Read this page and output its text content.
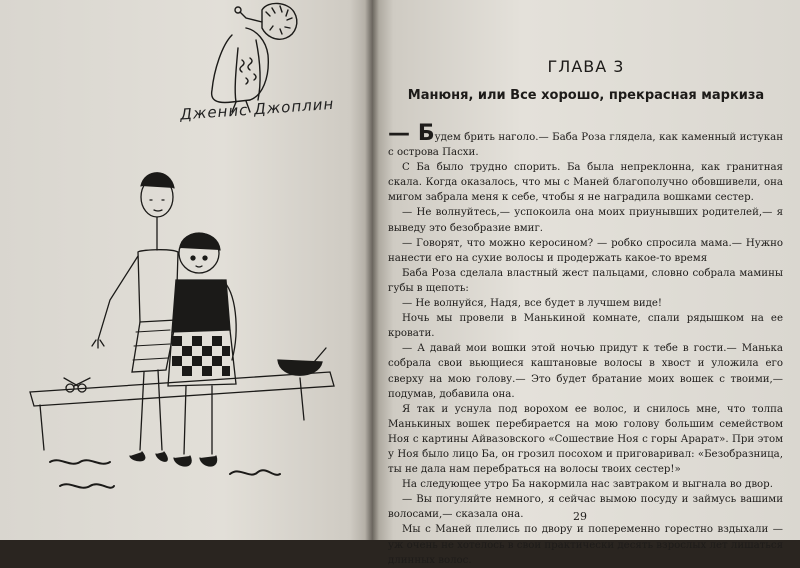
Дженис Джоплин
ГЛАВА 3
Манюня, или Все хорошо, прекрасная маркиза

— Будем брить наголо.— Баба Роза глядела, как каменный истукан с острова Пасхи.

С Ба было трудно спорить. Ба была непреклонна, как гранитная скала. Когда оказалось, что мы с Маней благополучно обовшивели, она мигом забрала меня к себе, чтобы я не наградила вошками сестер.

— Не волнуйтесь,— успокоила она моих приунывших родителей,— я выведу это безобразие вмиг.

— Говорят, что можно керосином? — робко спросила мама.— Нужно нанести его на сухие волосы и продержать какое-то время

Баба Роза сделала властный жест пальцами, словно собрала мамины губы в щепоть:

— Не волнуйся, Надя, все будет в лучшем виде!

Ночь мы провели в Манькиной комнате, спали рядышком на ее кровати.

— А давай мои вошки этой ночью придут к тебе в гости.— Манька собрала свои вьющиеся каштановые волосы в хвост и уложила его сверху на мою голову.— Это будет братание моих вошек с твоими,— подумав, добавила она.

Я так и уснула под ворохом ее волос, и снилось мне, что толпа Манькиных вошек перебирается на мою голову большим семейством Ноя с картины Айвазовского «Сошествие Ноя с горы Арарат». При этом у Ноя было лицо Ба, он грозил посохом и приговаривал: «Безобразница, ты не дала нам перебраться на волосы твоих сестер!»

На следующее утро Ба накормила нас завтраком и выгнала во двор.

— Вы погуляйте немного, я сейчас вымою посуду и займусь вашими волосами,— сказала она.

Мы с Маней плелись по двору и попеременно горестно вздыхали — уж очень не хотелось в свои практически десять взрослых лет лишаться длинных волос.

29
